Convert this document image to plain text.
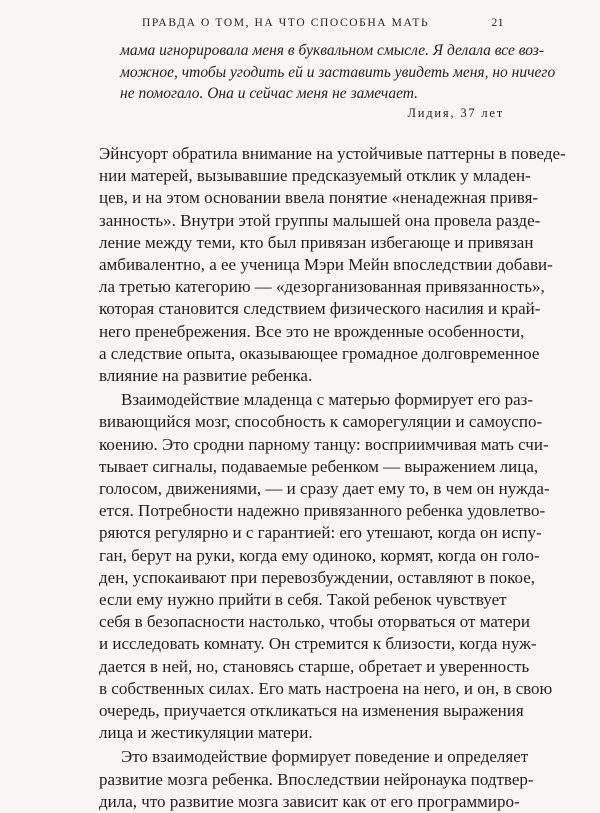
ПРАВДА О ТОМ, НА ЧТО СПОСОБНА МАТЬ	21
мама игнорировала меня в буквальном смысле. Я делала все воз-
можное, чтобы угодить ей и заставить увидеть меня, но ничего
не помогало. Она и сейчас меня не замечает.
Лидия, 37 лет

Эйнсуорт обратила внимание на устойчивые паттерны в поведе-
нии матерей, вызывавшие предсказуемый отклик у младен-
цев, и на этом основании ввела понятие «ненадежная привя-
занность». Внутри этой группы малышей она провела разде-
ление между теми, кто был привязан избегающе и привязан
амбивалентно, а ее ученица Мэри Мейн впоследствии добави-
ла третью категорию — «дезорганизованная привязанность»,
которая становится следствием физического насилия и край-
него пренебрежения. Все это не врожденные особенности,
а следствие опыта, оказывающее громадное долговременное
влияние на развитие ребенка.

Взаимодействие младенца с матерью формирует его раз-
вивающийся мозг, способность к саморегуляции и самоуспо-
коению. Это сродни парному танцу: восприимчивая мать счи-
тывает сигналы, подаваемые ребенком — выражением лица,
голосом, движениями, — и сразу дает ему то, в чем он нужда-
ется. Потребности надежно привязанного ребенка удовлетво-
ряются регулярно и с гарантией: его утешают, когда он испу-
ган, берут на руки, когда ему одиноко, кормят, когда он голо-
ден, успокаивают при перевозбуждении, оставляют в покое,
если ему нужно прийти в себя. Такой ребенок чувствует
себя в безопасности настолько, чтобы оторваться от матери
и исследовать комнату. Он стремится к близости, когда нуж-
дается в ней, но, становясь старше, обретает и уверенность
в собственных силах. Его мать настроена на него, и он, в свою
очередь, приучается откликаться на изменения выражения
лица и жестикуляции матери.

Это взаимодействие формирует поведение и определяет
развитие мозга ребенка. Впоследствии нейронаука подтвер-
дила, что развитие мозга зависит как от его программиро-
